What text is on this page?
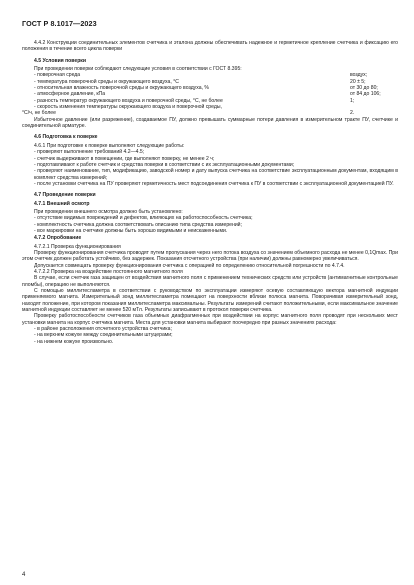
ГОСТ Р 8.1017—2023
4.4.2 Конструкции соединительных элементов счетчика и эталона должны обеспечивать надежное и герметичное крепление счетчика и фиксацию его положения в течение всего цикла поверки
4.5 Условия поверки
При проведении поверки соблюдают следующие условия в соответствии с ГОСТ 8.395:
- поверочная среда	воздух;
- температура поверочной среды и окружающего воздуха, °С	20 ± 5;
- относительная влажность поверочной среды и окружающего воздуха, %	от 30 до 80;
- атмосферное давление, кПа	от 84 до 106;
- разность температур окружающего воздуха и поверочной среды, °С, не более	1;
- скорость изменения температуры окружающего воздуха и поверочной среды,
°С/ч, не более	2.
Избыточное давление (или разрежение), создаваемое ПУ, должно превышать суммарные потери давления в измерительном тракте ПУ, счетчике и соединительной арматуре.
4.6 Подготовка к поверке
4.6.1 При подготовке к поверке выполняют следующие работы:
- проверяют выполнение требований 4.2—4.5;
- счетчик выдерживают в помещении, где выполняют поверку, не менее 2 ч;
- подготавливают к работе счетчик и средства поверки в соответствии с их эксплуатационными документами;
- проверяют наименование, тип, модификацию, заводской номер и дату выпуска счетчика на соответствие эксплуатационным документам, входящим в комплект средства измерений;
- после установки счетчика на ПУ проверяют герметичность мест подсоединения счетчика к ПУ в соответствии с эксплуатационной документацией ПУ.
4.7 Проведение поверки
4.7.1 Внешний осмотр
При проведении внешнего осмотра должно быть установлено:
- отсутствие видимых повреждений и дефектов, влияющих на работоспособность счетчика;
- комплектность счетчика должна соответствовать описанию типа средства измерений;
- все маркировки на счетчике должны быть хорошо видимыми и неискаженными.
4.7.2 Опробование
4.7.2.1 Проверка функционирования
Проверку функционирования счетчика проводят путем пропускания через него потока воздуха со значением объемного расхода не менее 0,1Qmax. При этом счетчик должен работать устойчиво, без задержек. Показания отсчетного устройства (при наличии) должны равномерно увеличиваться.
Допускается совмещать проверку функционирования счетчика с операцией по определению относительной погрешности по 4.7.4.
4.7.2.2 Проверка на воздействие постоянного магнитного поля
В случае, если счетчик газа защищен от воздействия магнитного поля с применением технических средств или устройств (антимагнитные контрольные пломбы), операцию не выполняются.
С помощью миллитесламетра в соответствии с руководством по эксплуатации измеряют осевую составляющую вектора магнитной индукции применяемого магнита. Измерительный зонд миллитесламетра помещают на поверхности вблизи полюса магнита. Поворачивая измерительный зонд, находят положение, при котором показания миллитесламетра максимальны. Результаты измерений считают положительными, если максимальное значение магнитной индукции составляет не менее 520 мТл. Результаты записывают в протокол поверки счетчика.
Проверку работоспособности счетчиков газа объемных диафрагменных при воздействии на корпус магнитного поля проводят при нескольких мест установки магнита на корпус счетчика магнита. Места для установки магнита выбирают поочередно при разных значениях расхода:
- в районе расположения отсчетного устройства счетчика;
- на верхнем кожухе между соединительными штуцерами;
- на нижнем кожухе произвольно.
4
